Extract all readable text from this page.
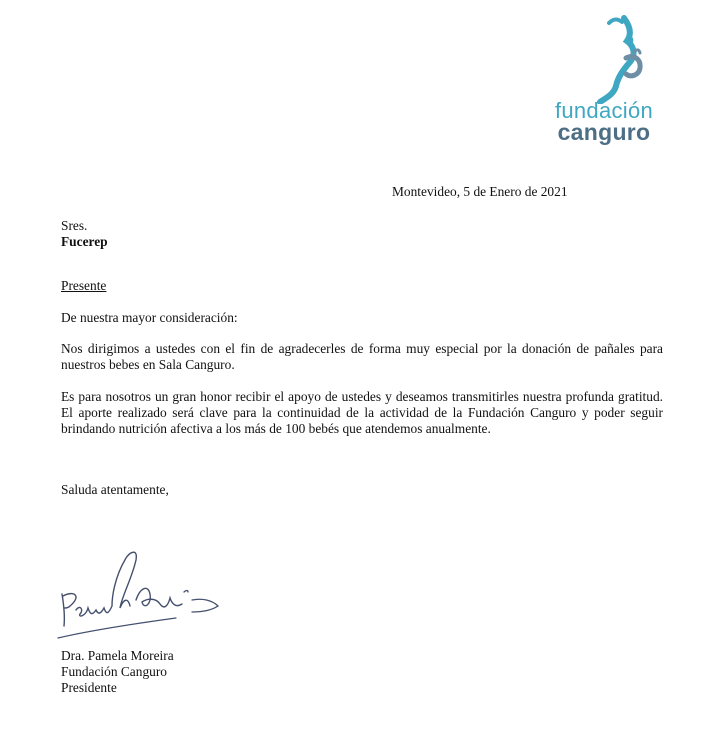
fundación
canguro
Montevideo, 5 de Enero de 2021
Sres.
Fucerep
Presente
De nuestra mayor consideración:
Nos dirigimos a ustedes con el fin de agradecerles de forma muy especial por la donación de pañales para nuestros bebes en Sala Canguro.
Es para nosotros un gran honor recibir el apoyo de ustedes y deseamos transmitirles nuestra profunda gratitud. El aporte realizado será clave para la continuidad de la actividad de la Fundación Canguro y poder seguir brindando nutrición afectiva a los más de 100 bebés que atendemos anualmente.
Saluda atentamente,
Dra. Pamela Moreira
Fundación Canguro
Presidente
